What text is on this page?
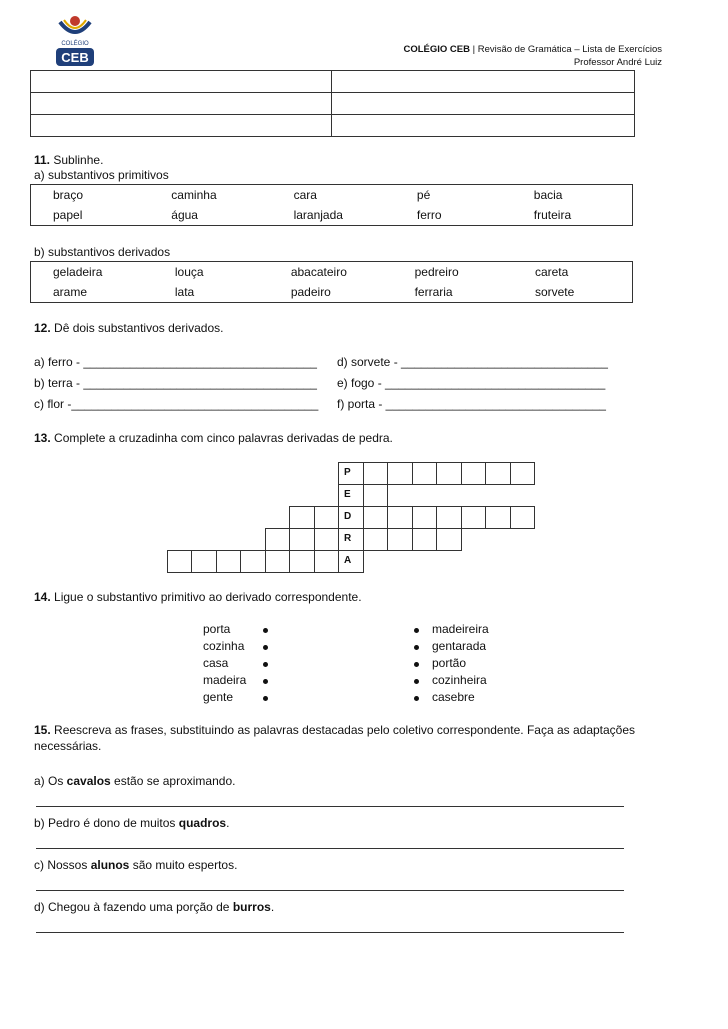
COLÉGIO
CEB
COLÉGIO CEB | Revisão de Gramática – Lista de Exercícios
Professor André Luiz

11. Sublinhe.
a) substantivos primitivos
braço	caminha	cara	pé	bacia
papel	água	laranjada	ferro	fruteira
b) substantivos derivados
geladeira	louça	abacateiro	pedreiro	careta
arame	lata	padeiro	ferraria	sorvete
12. Dê dois substantivos derivados.
a) ferro - ___________________________________
b) terra - ___________________________________
c) flor -_____________________________________
d) sorvete - _______________________________
e) fogo - _________________________________
f) porta - _________________________________
13. Complete a cruzadinha com cinco palavras derivadas de pedra.
P
E
D
R
A
14. Ligue o substantivo primitivo ao derivado correspondente.
porta
cozinha
casa
madeira
gente
madeireira
gentarada
portão
cozinheira
casebre
15. Reescreva as frases, substituindo as palavras destacadas pelo coletivo correspondente. Faça as adaptações
necessárias.
a) Os cavalos estão se aproximando.
b) Pedro é dono de muitos quadros.
c) Nossos alunos são muito espertos.
d) Chegou à fazendo uma porção de burros.
